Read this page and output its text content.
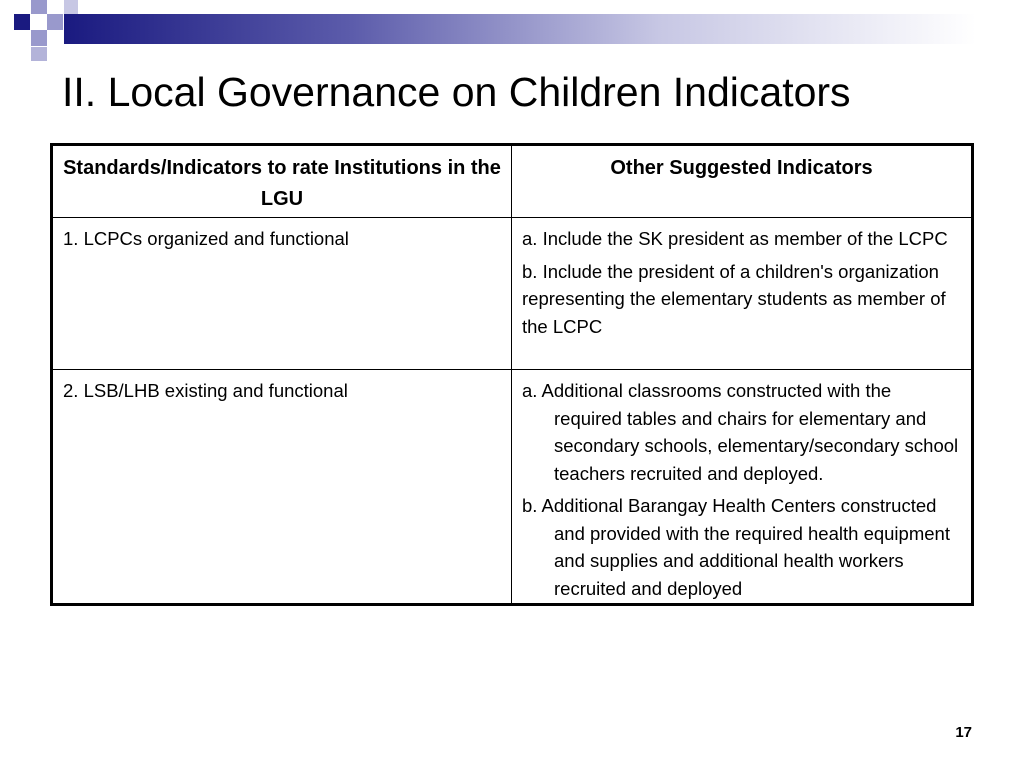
II. Local Governance on Children Indicators
Standards/Indicators to rate Institutions in the LGU	Other Suggested Indicators
1. LCPCs organized and functional	a. Include the SK president as member of the LCPC
b. Include the president of a children's organization representing the elementary students as member of the LCPC

2. LSB/LHB existing and functional	a. Additional classrooms constructed with the required tables and chairs for elementary and secondary schools, elementary/secondary school teachers recruited and deployed.
b. Additional Barangay Health Centers constructed and provided with the required health equipment and supplies and additional health workers recruited and deployed
17
